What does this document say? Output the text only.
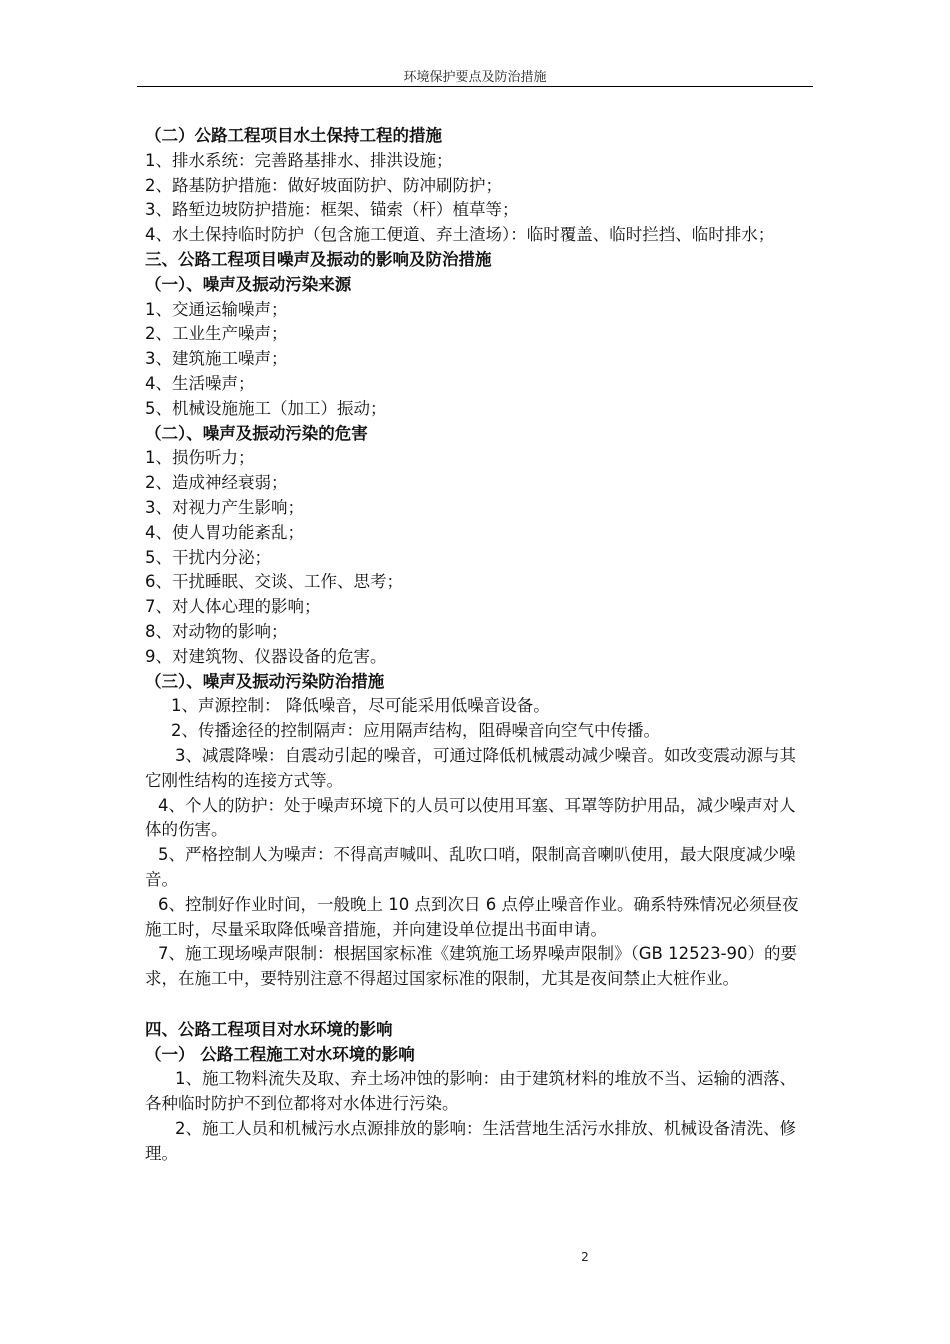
环境保护要点及防治措施

（二）公路工程项目水土保持工程的措施

1、排水系统：完善路基排水、排洪设施；

2、路基防护措施：做好坡面防护、防冲刷防护；

3、路堑边坡防护措施：框架、锚索（杆）植草等；

4、水土保持临时防护（包含施工便道、弃土渣场）：临时覆盖、临时拦挡、临时排水；

三、公路工程项目噪声及振动的影响及防治措施

（一）、噪声及振动污染来源

1、交通运输噪声；

2、工业生产噪声；

3、建筑施工噪声；

4、生活噪声；

5、机械设施施工（加工）振动；

（二）、噪声及振动污染的危害

1、损伤听力；

2、造成神经衰弱；

3、对视力产生影响；

4、使人胃功能紊乱；

5、干扰内分泌；

6、干扰睡眠、交谈、工作、思考；

7、对人体心理的影响；

8、对动物的影响；

9、对建筑物、仪器设备的危害。

（三）、噪声及振动污染防治措施

1、声源控制： 降低噪音，尽可能采用低噪音设备。

2、传播途径的控制隔声：应用隔声结构，阻碍噪音向空气中传播。

3、减震降噪：自震动引起的噪音，可通过降低机械震动减少噪音。如改变震动源与其它刚性结构的连接方式等。

4、个人的防护：处于噪声环境下的人员可以使用耳塞、耳罩等防护用品，减少噪声对人体的伤害。

5、严格控制人为噪声：不得高声喊叫、乱吹口哨，限制高音喇叭使用，最大限度减少噪音。

6、控制好作业时间，一般晚上 10 点到次日 6 点停止噪音作业。确系特殊情况必须昼夜施工时，尽量采取降低噪音措施，并向建设单位提出书面申请。

7、施工现场噪声限制：根据国家标准《建筑施工场界噪声限制》（GB 12523-90）的要求，在施工中，要特别注意不得超过国家标准的限制，尤其是夜间禁止大桩作业。

四、公路工程项目对水环境的影响

（一） 公路工程施工对水环境的影响

1、施工物料流失及取、弃土场冲蚀的影响：由于建筑材料的堆放不当、运输的洒落、各种临时防护不到位都将对水体进行污染。

2、施工人员和机械污水点源排放的影响：生活营地生活污水排放、机械设备清洗、修理。

2
